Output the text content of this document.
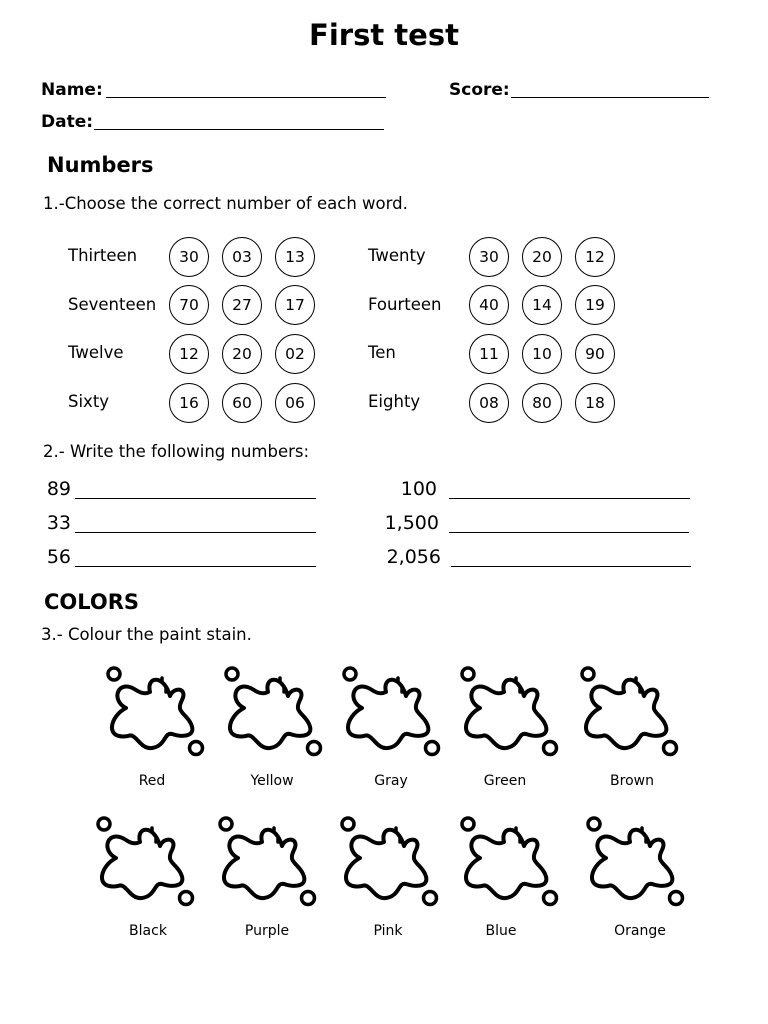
First test
Name:	Score:
Date:
Numbers
1.-Choose the correct number of each word.
Thirteen	30	03	13
Seventeen	70	27	17
Twelve	12	20	02
Sixty	16	60	06
Twenty	30	20	12
Fourteen	40	14	19
Ten	11	10	90
Eighty	08	80	18
2.- Write the following numbers:
89
33
56
100
1,500
2,056
COLORS
3.- Colour the paint stain.
Red	Yellow	Gray	Green	Brown
Black	Purple	Pink	Blue	Orange
